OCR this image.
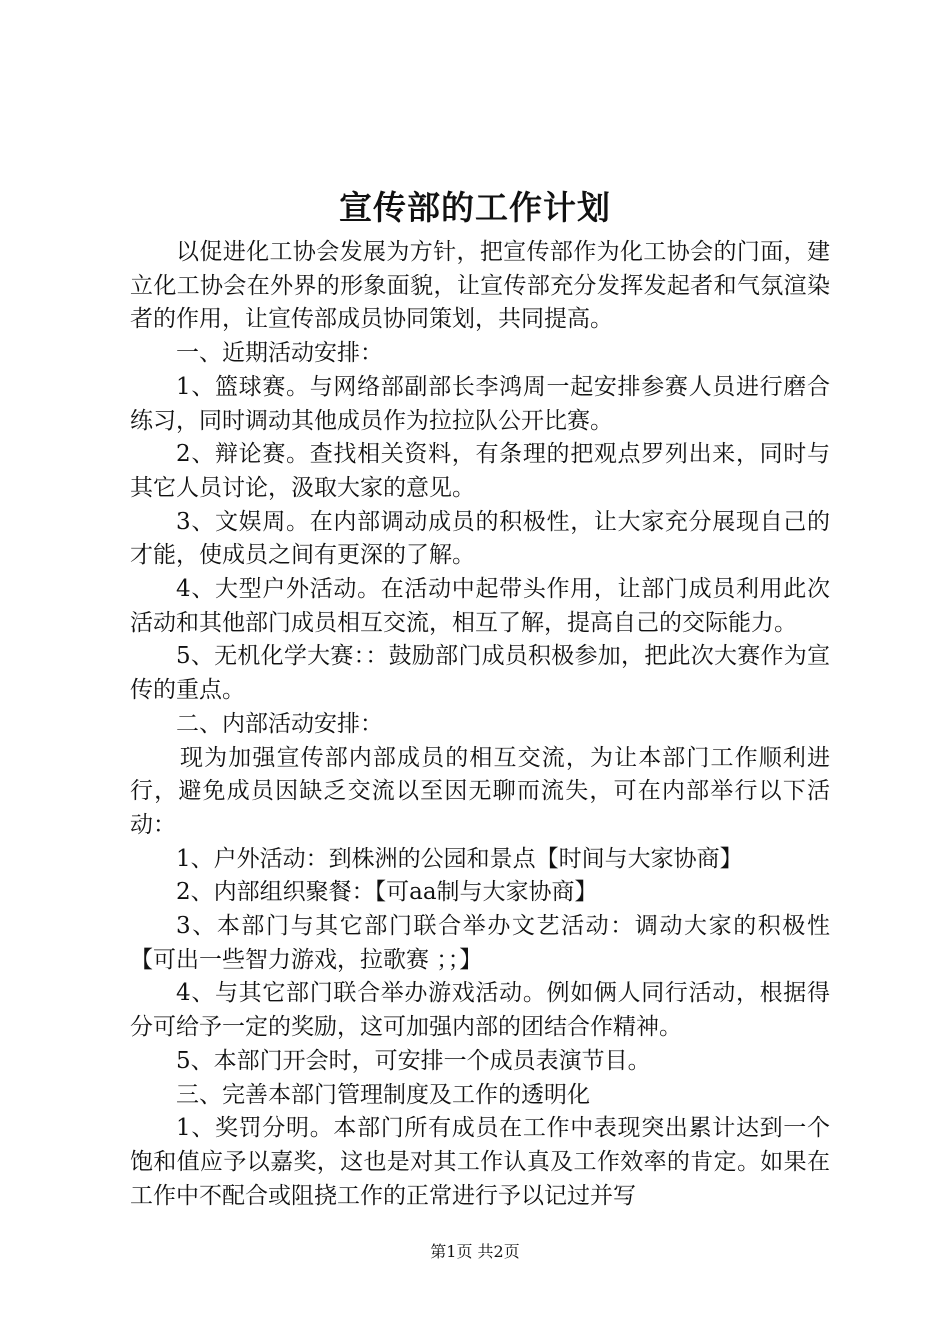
宣传部的工作计划

以促进化工协会发展为方针，把宣传部作为化工协会的门面，建立化工协会在外界的形象面貌，让宣传部充分发挥发起者和气氛渲染者的作用，让宣传部成员协同策划，共同提高。

一、近期活动安排：

1、篮球赛。与网络部副部长李鸿周一起安排参赛人员进行磨合练习，同时调动其他成员作为拉拉队公开比赛。

2、辩论赛。查找相关资料，有条理的把观点罗列出来，同时与其它人员讨论，汲取大家的意见。

3、文娱周。在内部调动成员的积极性，让大家充分展现自己的才能，使成员之间有更深的了解。

4、大型户外活动。在活动中起带头作用，让部门成员利用此次活动和其他部门成员相互交流，相互了解，提高自己的交际能力。

5、无机化学大赛：：鼓励部门成员积极参加，把此次大赛作为宣传的重点。

二、内部活动安排：

现为加强宣传部内部成员的相互交流，为让本部门工作顺利进行，避免成员因缺乏交流以至因无聊而流失，可在内部举行以下活动：

1、户外活动：到株洲的公园和景点【时间与大家协商】

2、内部组织聚餐：【可aa制与大家协商】

3、本部门与其它部门联合举办文艺活动：调动大家的积极性【可出一些智力游戏，拉歌赛 ；；】

4、与其它部门联合举办游戏活动。例如俩人同行活动，根据得分可给予一定的奖励，这可加强内部的团结合作精神。

5、本部门开会时，可安排一个成员表演节目。

三、完善本部门管理制度及工作的透明化

1、奖罚分明。本部门所有成员在工作中表现突出累计达到一个饱和值应予以嘉奖，这也是对其工作认真及工作效率的肯定。如果在工作中不配合或阻挠工作的正常进行予以记过并写

第1页 共2页
